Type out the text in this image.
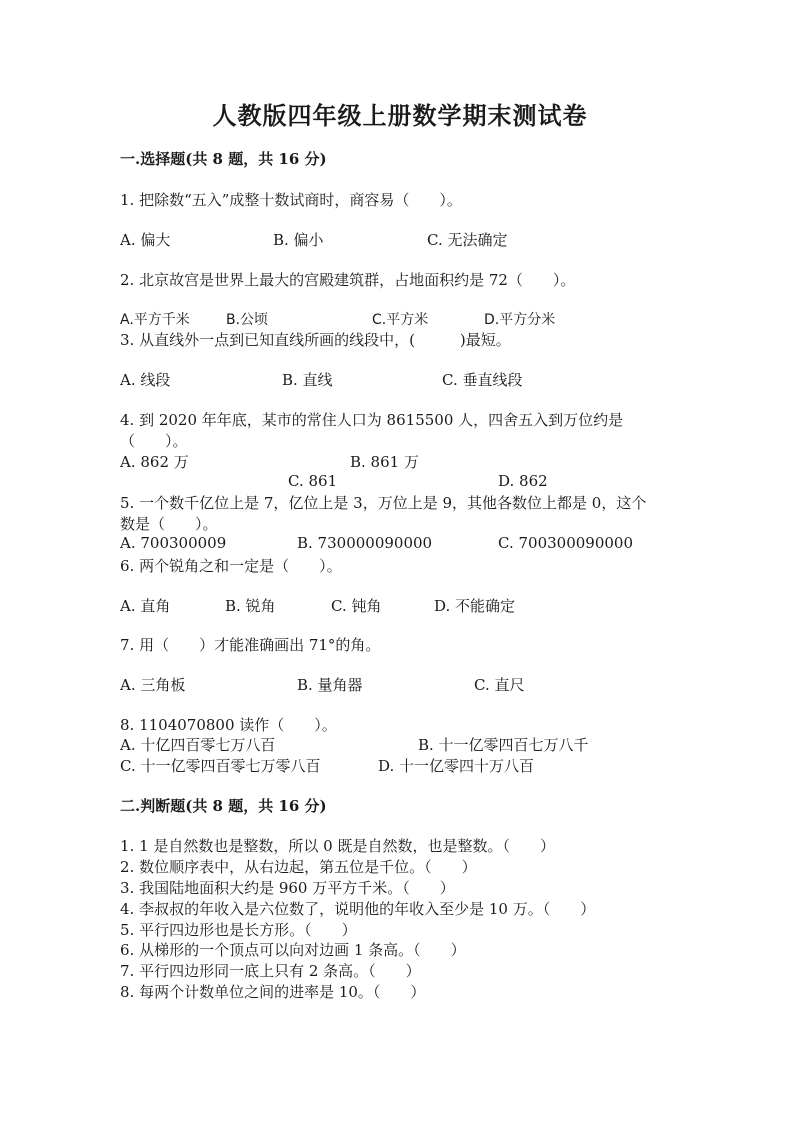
人教版四年级上册数学期末测试卷
一.选择题(共 8 题，共 16 分)
1. 把除数“五入”成整十数试商时，商容易（　　）。
A. 偏大	B. 偏小	C. 无法确定
2. 北京故宫是世界上最大的宫殿建筑群，占地面积约是 72（　　）。
A.平方千米	B.公顷	C.平方米	D.平方分米
3. 从直线外一点到已知直线所画的线段中，(　　　)最短。
A. 线段	B. 直线	C. 垂直线段
4. 到 2020 年年底，某市的常住人口为 8615500 人，四舍五入到万位约是
（　　）。
A. 862 万	B. 861 万
C. 861	D. 862
5. 一个数千亿位上是 7，亿位上是 3，万位上是 9，其他各数位上都是 0，这个
数是（　　）。
A. 700300009	B. 730000090000	C. 700300090000
6. 两个锐角之和一定是（　　）。
A. 直角	B. 锐角	C. 钝角	D. 不能确定
7. 用（　　）才能准确画出 71°的角。
A. 三角板	B. 量角器	C. 直尺
8. 1104070800 读作（　　）。
A. 十亿四百零七万八百	B. 十一亿零四百七万八千
C. 十一亿零四百零七万零八百	D. 十一亿零四十万八百
二.判断题(共 8 题，共 16 分)
1. 1 是自然数也是整数，所以 0 既是自然数，也是整数。（　　）
2. 数位顺序表中，从右边起，第五位是千位。（　　）
3. 我国陆地面积大约是 960 万平方千米。（　　）
4. 李叔叔的年收入是六位数了，说明他的年收入至少是 10 万。（　　）
5. 平行四边形也是长方形。（　　）
6. 从梯形的一个顶点可以向对边画 1 条高。（　　）
7. 平行四边形同一底上只有 2 条高。（　　）
8. 每两个计数单位之间的进率是 10。（　　）
